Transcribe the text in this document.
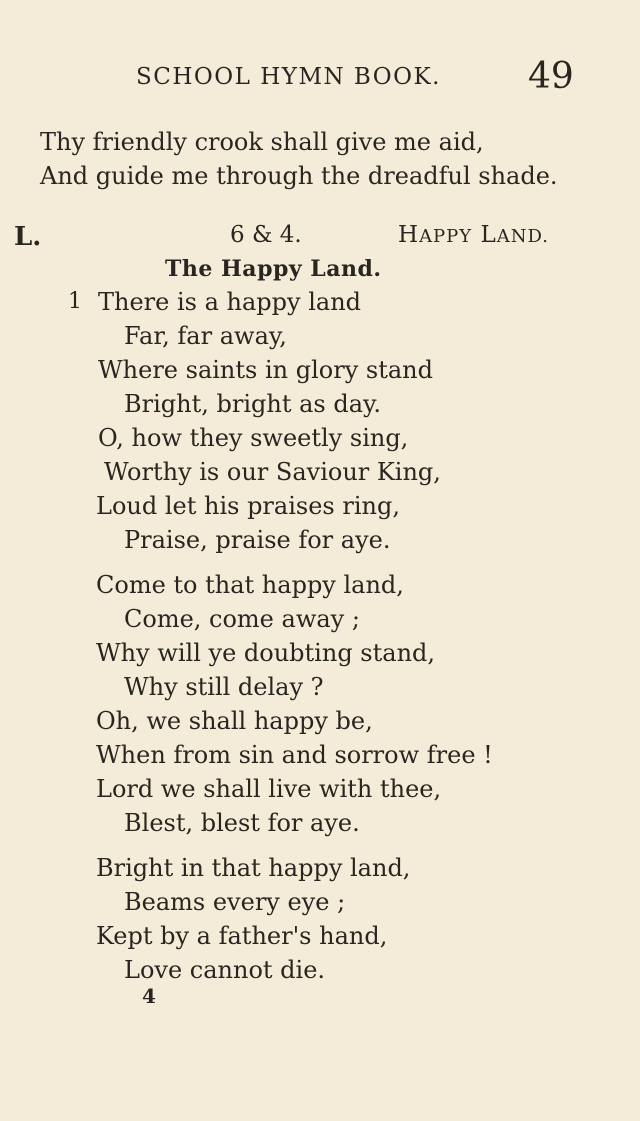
SCHOOL HYMN BOOK. 49
Thy friendly crook shall give me aid,
And guide me through the dreadful shade.
L.	6 & 4.	HAPPY LAND.
The Happy Land.
1 There is a happy land
Far, far away,
Where saints in glory stand
Bright, bright as day.
O, how they sweetly sing,
Worthy is our Saviour King,
Loud let his praises ring,
Praise, praise for aye.
Come to that happy land,
Come, come away ;
Why will ye doubting stand,
Why still delay ?
Oh, we shall happy be,
When from sin and sorrow free !
Lord we shall live with thee,
Blest, blest for aye.
Bright in that happy land,
Beams every eye ;
Kept by a father's hand,
Love cannot die.
4
